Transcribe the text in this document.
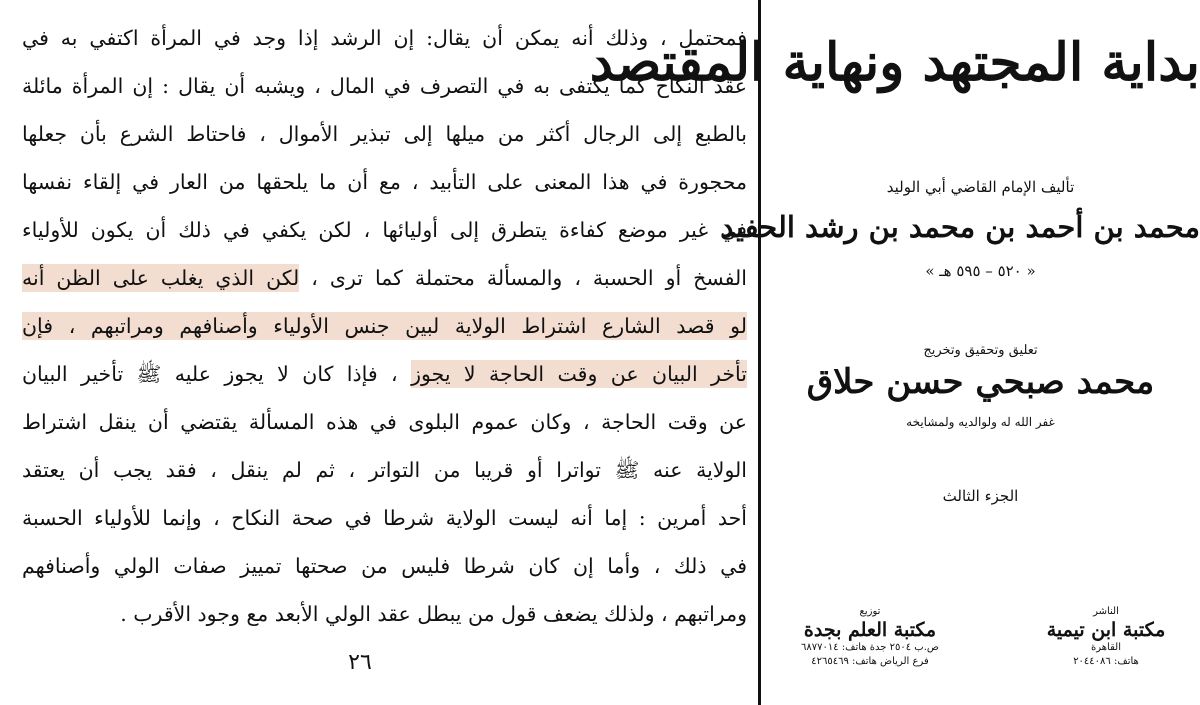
فمحتمل ، وذلك أنه يمكن أن يقال: إن الرشد إذا وجد في المرأة اكتفي به في
عقد النكاح كما يكتفى به في التصرف في المال ، ويشبه أن يقال : إن المرأة مائلة
بالطبع إلى الرجال أكثر من ميلها إلى تبذير الأموال ، فاحتاط الشرع بأن جعلها
محجورة في هذا المعنى على التأبيد ، مع أن ما يلحقها من العار في إلقاء نفسها
في غير موضع كفاءة يتطرق إلى أوليائها ، لكن يكفي في ذلك أن يكون للأولياء
الفسخ أو الحسبة ، والمسألة محتملة كما ترى ، لكن الذي يغلب على الظن أنه
لو قصد الشارع اشتراط الولاية لبين جنس الأولياء وأصنافهم ومراتبهم ، فإن
تأخر البيان عن وقت الحاجة لا يجوز ، فإذا كان لا يجوز عليه ﷺ تأخير البيان
عن وقت الحاجة ، وكان عموم البلوى في هذه المسألة يقتضي أن ينقل اشتراط
الولاية عنه ﷺ تواترا أو قريبا من التواتر ، ثم لم ينقل ، فقد يجب أن يعتقد
أحد أمرين : إما أنه ليست الولاية شرطا في صحة النكاح ، وإنما للأولياء الحسبة
في ذلك ، وأما إن كان شرطا فليس من صحتها تمييز صفات الولي وأصنافهم
ومراتبهم ، ولذلك يضعف قول من يبطل عقد الولي الأبعد مع وجود الأقرب .
٢٦
بداية المجتهد ونهاية المقتصد
تأليف الإمام القاضي أبي الوليد
محمد بن أحمد بن محمد بن رشد الحفيد
« ٥٢٠ – ٥٩٥ هـ »
تعليق وتحقيق وتخريج
محمد صبحي حسن حلاق
غفر الله له ولوالديه ولمشايخه
الجزء الثالث
الناشر
مكتبة ابن تيمية
القاهرة
هاتف: ٢٠٤٤٠٨٦
توزيع
مكتبة العلم بجدة
ص.ب ٢٥٠٤ جدة هاتف: ٦٨٧٧٠١٤
فرع الرياض هاتف: ٤٢٦٥٤٦٩
